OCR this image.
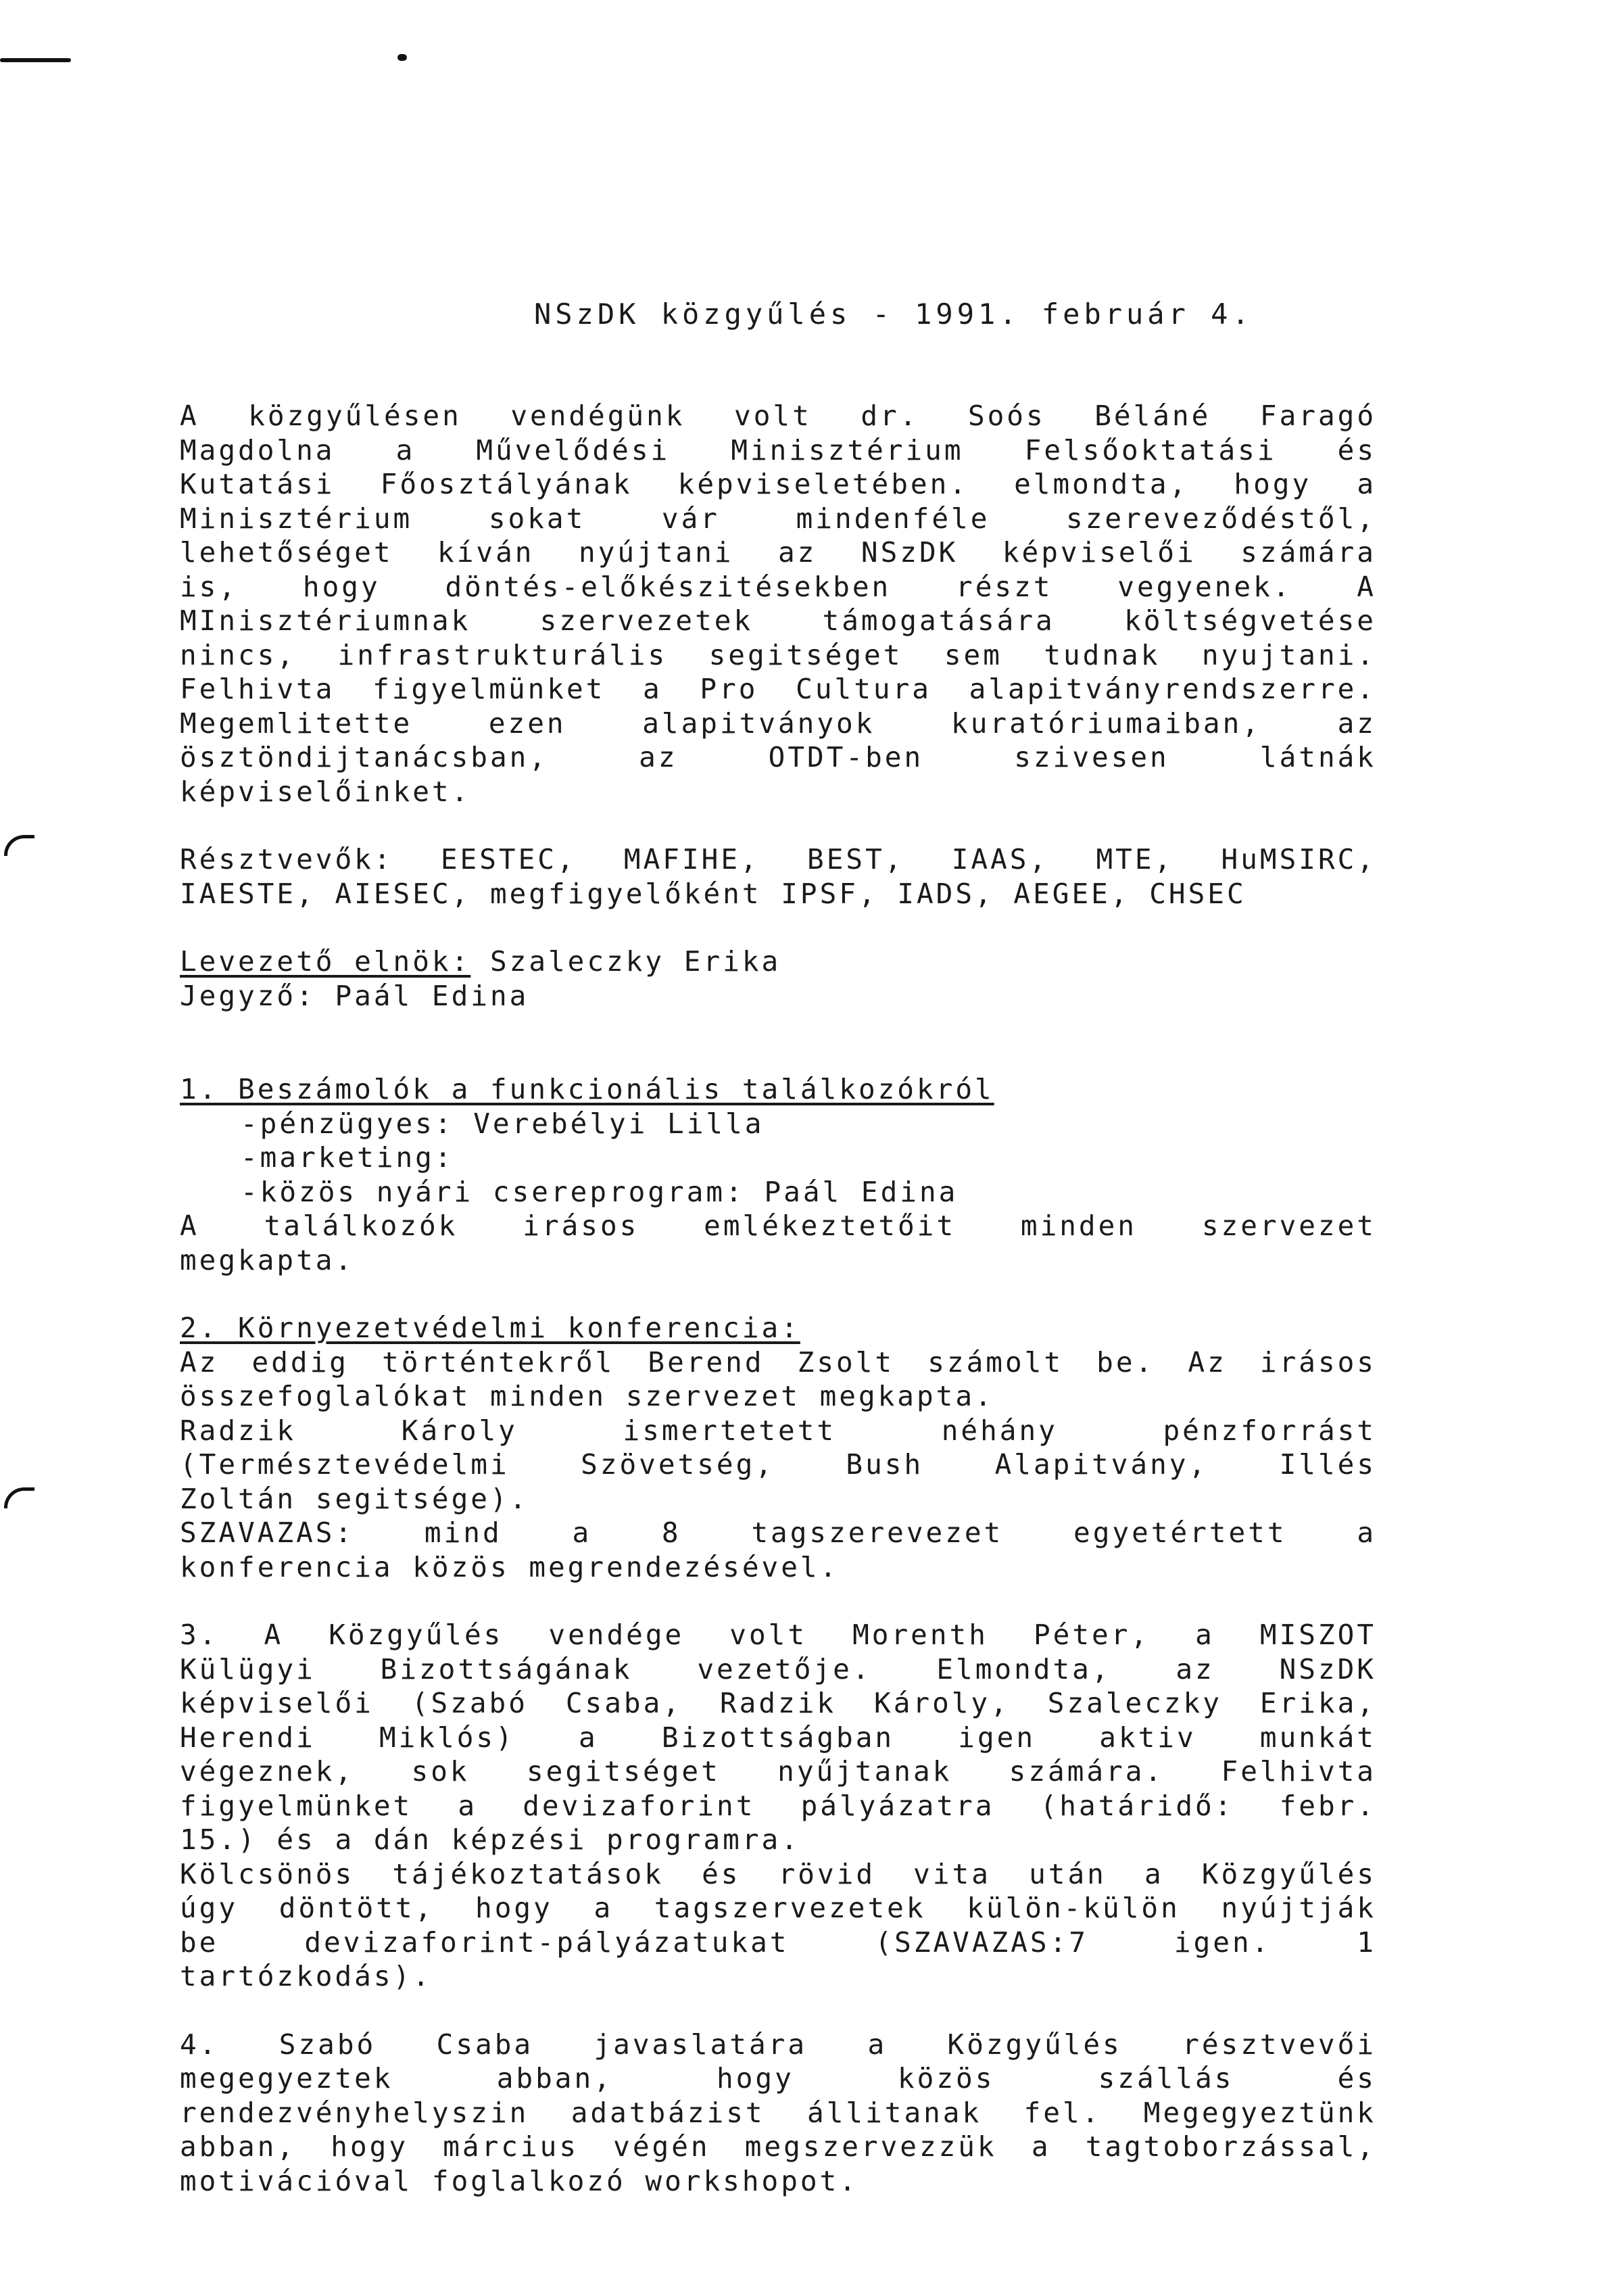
NSzDK közgyűlés - 1991. február 4.
A közgyűlésen vendégünk volt dr. Soós Béláné Faragó
Magdolna a Művelődési Minisztérium Felsőoktatási és
Kutatási Főosztályának képviseletében. elmondta, hogy a
Minisztérium sokat vár mindenféle szereveződéstől,
lehetőséget kíván nyújtani az NSzDK képviselői számára
is, hogy döntés-előkészitésekben részt vegyenek. A
MInisztériumnak szervezetek támogatására költségvetése
nincs, infrastrukturális segitséget sem tudnak nyujtani.
Felhivta figyelmünket a Pro Cultura alapitványrendszerre.
Megemlitette ezen alapitványok kuratóriumaiban, az
ösztöndijtanácsban, az OTDT-ben szivesen látnák
képviselőinket.
Résztvevők: EESTEC, MAFIHE, BEST, IAAS, MTE, HuMSIRC,
IAESTE, AIESEC, megfigyelőként IPSF, IADS, AEGEE, CHSEC
Levezető elnök: Szaleczky Erika
Jegyző: Paál Edina
1. Beszámolók a funkcionális találkozókról
-pénzügyes: Verebélyi Lilla
-marketing:
-közös nyári csereprogram: Paál Edina
A találkozók irásos emlékeztetőit minden szervezet
megkapta.
2. Környezetvédelmi konferencia:
Az eddig történtekről Berend Zsolt számolt be. Az irásos
összefoglalókat minden szervezet megkapta.
Radzik Károly ismertetett néhány pénzforrást
(Természtevédelmi Szövetség, Bush Alapitvány, Illés
Zoltán segitsége).
SZAVAZAS: mind a 8 tagszerevezet egyetértett a
konferencia közös megrendezésével.
3. A Közgyűlés vendége volt Morenth Péter, a MISZOT
Külügyi Bizottságának vezetője. Elmondta, az NSzDK
képviselői (Szabó Csaba, Radzik Károly, Szaleczky Erika,
Herendi Miklós) a Bizottságban igen aktiv munkát
végeznek, sok segitséget nyűjtanak számára. Felhivta
figyelmünket a devizaforint pályázatra (határidő: febr.
15.) és a dán képzési programra.
Kölcsönös tájékoztatások és rövid vita után a Közgyűlés
úgy döntött, hogy a tagszervezetek külön-külön nyújtják
be devizaforint-pályázatukat (SZAVAZAS:7 igen. 1
tartózkodás).
4. Szabó Csaba javaslatára a Közgyűlés résztvevői
megegyeztek abban, hogy közös szállás és
rendezvényhelyszin adatbázist állitanak fel. Megegyeztünk
abban, hogy március végén megszervezzük a tagtoborzással,
motivációval foglalkozó workshopot.
